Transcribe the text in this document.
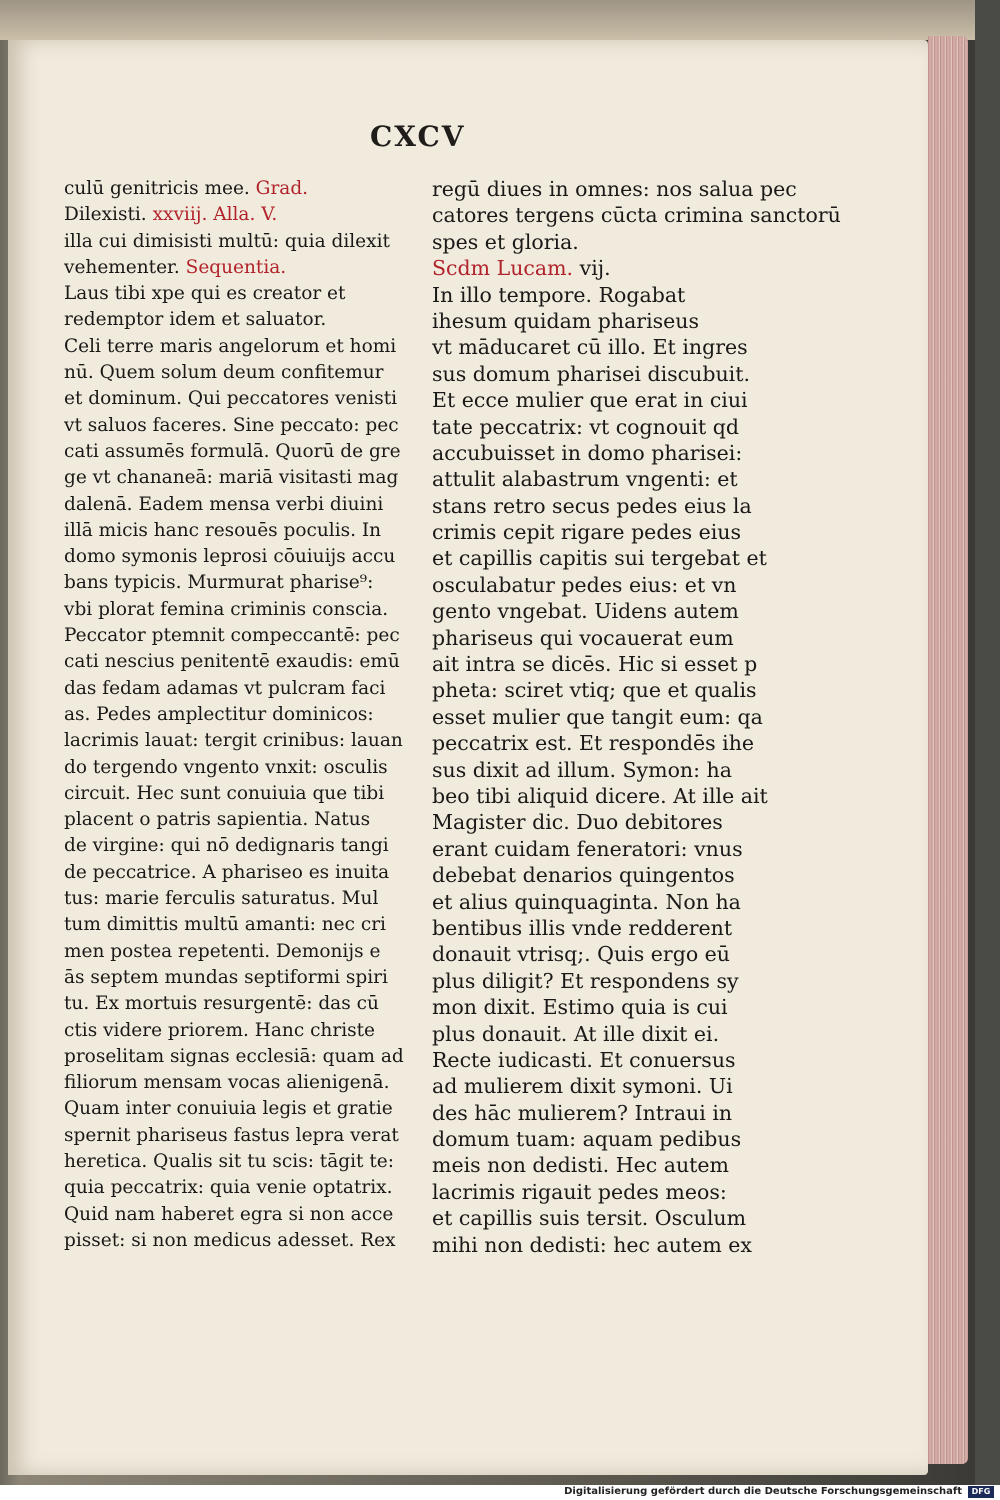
CXCV
culū genitricis mee. Grad.
Dilexisti. xxviij. Alla. V.
illa cui dimisisti multū: quia dilexit
vehementer. Sequentia.
Laus tibi xpe qui es creator et
redemptor idem et saluator.
Celi terre maris angelorum et homi
nū. Quem solum deum confitemur
et dominum. Qui peccatores venisti
vt saluos faceres. Sine peccato: pec
cati assumēs formulā. Quorū de gre
ge vt chananeā: mariā visitasti mag
dalenā. Eadem mensa verbi diuini
illā micis hanc resouēs poculis. In
domo symonis leprosi cōuiuijs accu
bans typicis. Murmurat pharise⁹:
vbi plorat femina criminis conscia.
Peccator ptemnit compeccantē: pec
cati nescius penitentē exaudis: emū
das fedam adamas vt pulcram faci
as. Pedes amplectitur dominicos:
lacrimis lauat: tergit crinibus: lauan
do tergendo vngento vnxit: osculis
circuit. Hec sunt conuiuia que tibi
placent o patris sapientia. Natus
de virgine: qui nō dedignaris tangi
de peccatrice. A phariseo es inuita
tus: marie ferculis saturatus. Mul
tum dimittis multū amanti: nec cri
men postea repetenti. Demonijs e
ās septem mundas septiformi spiri
tu. Ex mortuis resurgentē: das cū
ctis videre priorem. Hanc christe
proselitam signas ecclesiā: quam ad
filiorum mensam vocas alienigenā.
Quam inter conuiuia legis et gratie
spernit phariseus fastus lepra verat
heretica. Qualis sit tu scis: tāgit te:
quia peccatrix: quia venie optatrix.
Quid nam haberet egra si non acce
pisset: si non medicus adesset. Rex
regū diues in omnes: nos salua pec
catores tergens cūcta crimina sanctorū
spes et gloria.
Scdm Lucam. vij.
In illo tempore. Rogabat
ihesum quidam phariseus
vt māducaret cū illo. Et ingres
sus domum pharisei discubuit.
Et ecce mulier que erat in ciui
tate peccatrix: vt cognouit qd
accubuisset in domo pharisei:
attulit alabastrum vngenti: et
stans retro secus pedes eius la
crimis cepit rigare pedes eius
et capillis capitis sui tergebat et
osculabatur pedes eius: et vn
gento vngebat. Uidens autem
phariseus qui vocauerat eum
ait intra se dicēs. Hic si esset p
pheta: sciret vtiq; que et qualis
esset mulier que tangit eum: qa
peccatrix est. Et respondēs ihe
sus dixit ad illum. Symon: ha
beo tibi aliquid dicere. At ille ait
Magister dic. Duo debitores
erant cuidam feneratori: vnus
debebat denarios quingentos
et alius quinquaginta. Non ha
bentibus illis vnde redderent
donauit vtrisq;. Quis ergo eū
plus diligit? Et respondens sy
mon dixit. Estimo quia is cui
plus donauit. At ille dixit ei.
Recte iudicasti. Et conuersus
ad mulierem dixit symoni. Ui
des hāc mulierem? Intraui in
domum tuam: aquam pedibus
meis non dedisti. Hec autem
lacrimis rigauit pedes meos:
et capillis suis tersit. Osculum
mihi non dedisti: hec autem ex
Digitalisierung gefördert durch die Deutsche Forschungsgemeinschaft	DFG
